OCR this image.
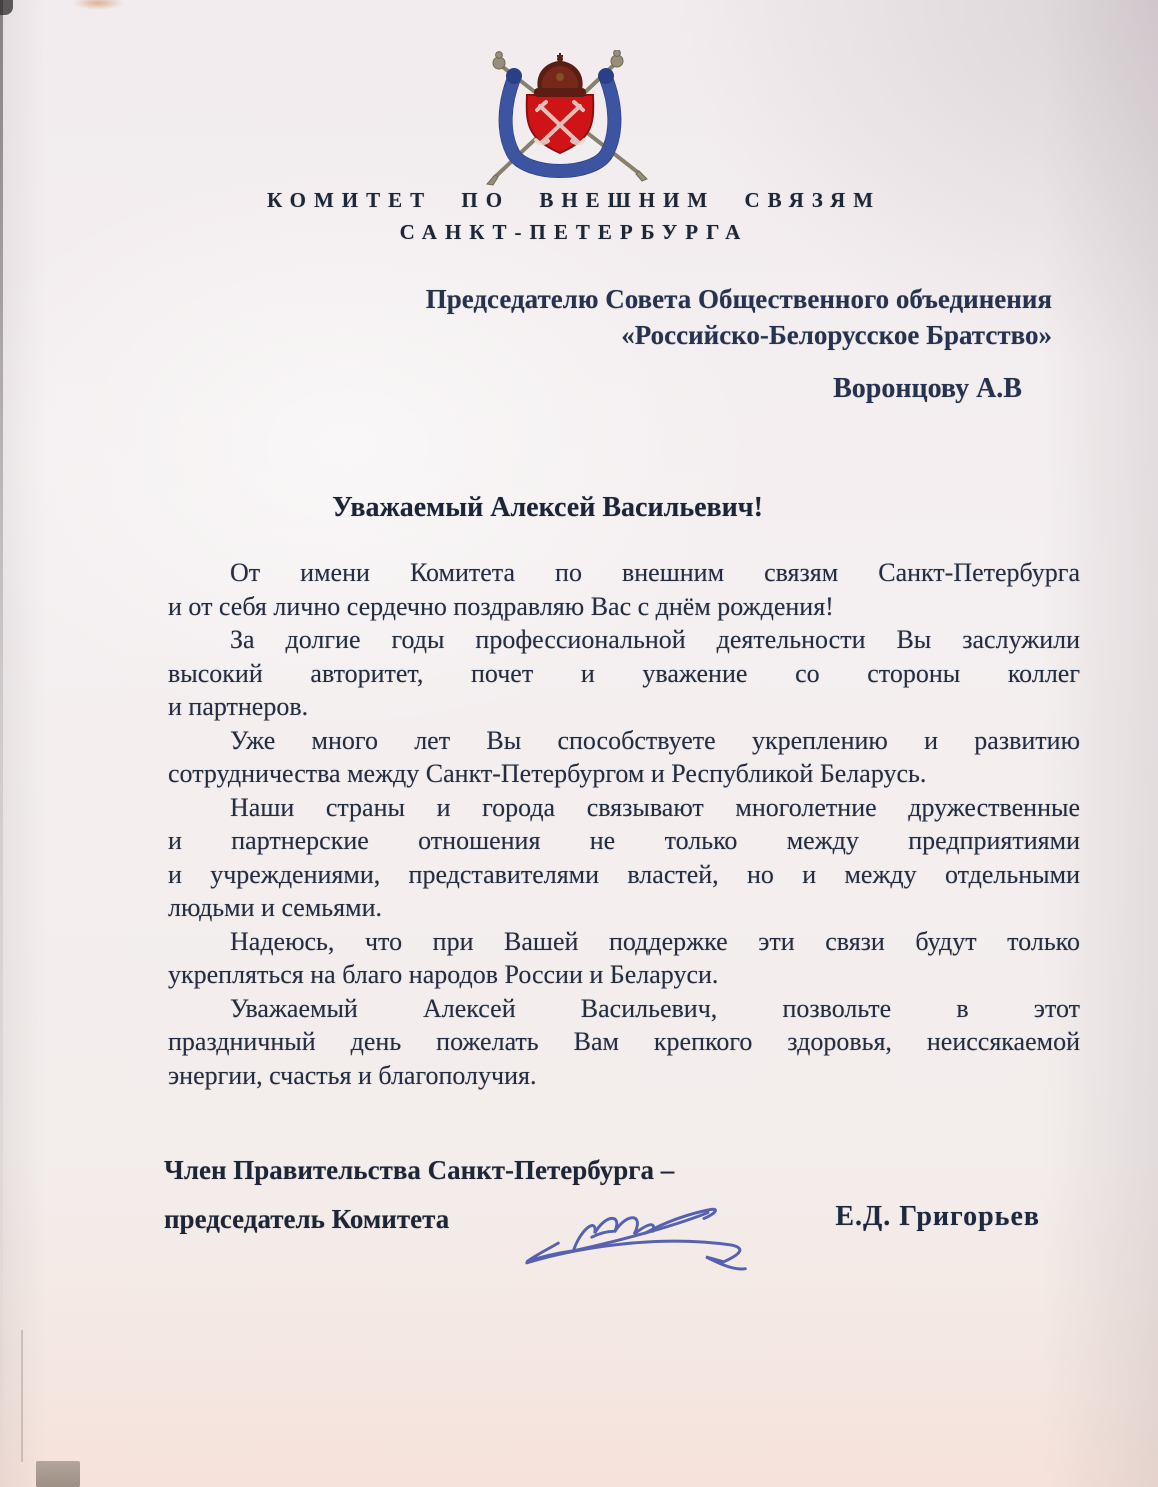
КОМИТЕТ ПО ВНЕШНИМ СВЯЗЯМ
САНКТ-ПЕТЕРБУРГА
Председателю Совета Общественного объединения
«Российско-Белорусское Братство»
Воронцову А.В
Уважаемый Алексей Васильевич!

От имени Комитета по внешним связям Санкт-Петербурга
и от себя лично сердечно поздравляю Вас с днём рождения!

За долгие годы профессиональной деятельности Вы заслужили
высокий авторитет, почет и уважение со стороны коллег
и партнеров.

Уже много лет Вы способствуете укреплению и развитию
сотрудничества между Санкт-Петербургом и Республикой Беларусь.

Наши страны и города связывают многолетние дружественные
и партнерские отношения не только между предприятиями
и учреждениями, представителями властей, но и между отдельными
людьми и семьями.

Надеюсь, что при Вашей поддержке эти связи будут только
укрепляться на благо народов России и Беларуси.

Уважаемый Алексей Васильевич, позвольте в этот
праздничный день пожелать Вам крепкого здоровья, неиссякаемой
энергии, счастья и благополучия.

Член Правительства Санкт-Петербурга –
председатель Комитета	Е.Д. Григорьев
